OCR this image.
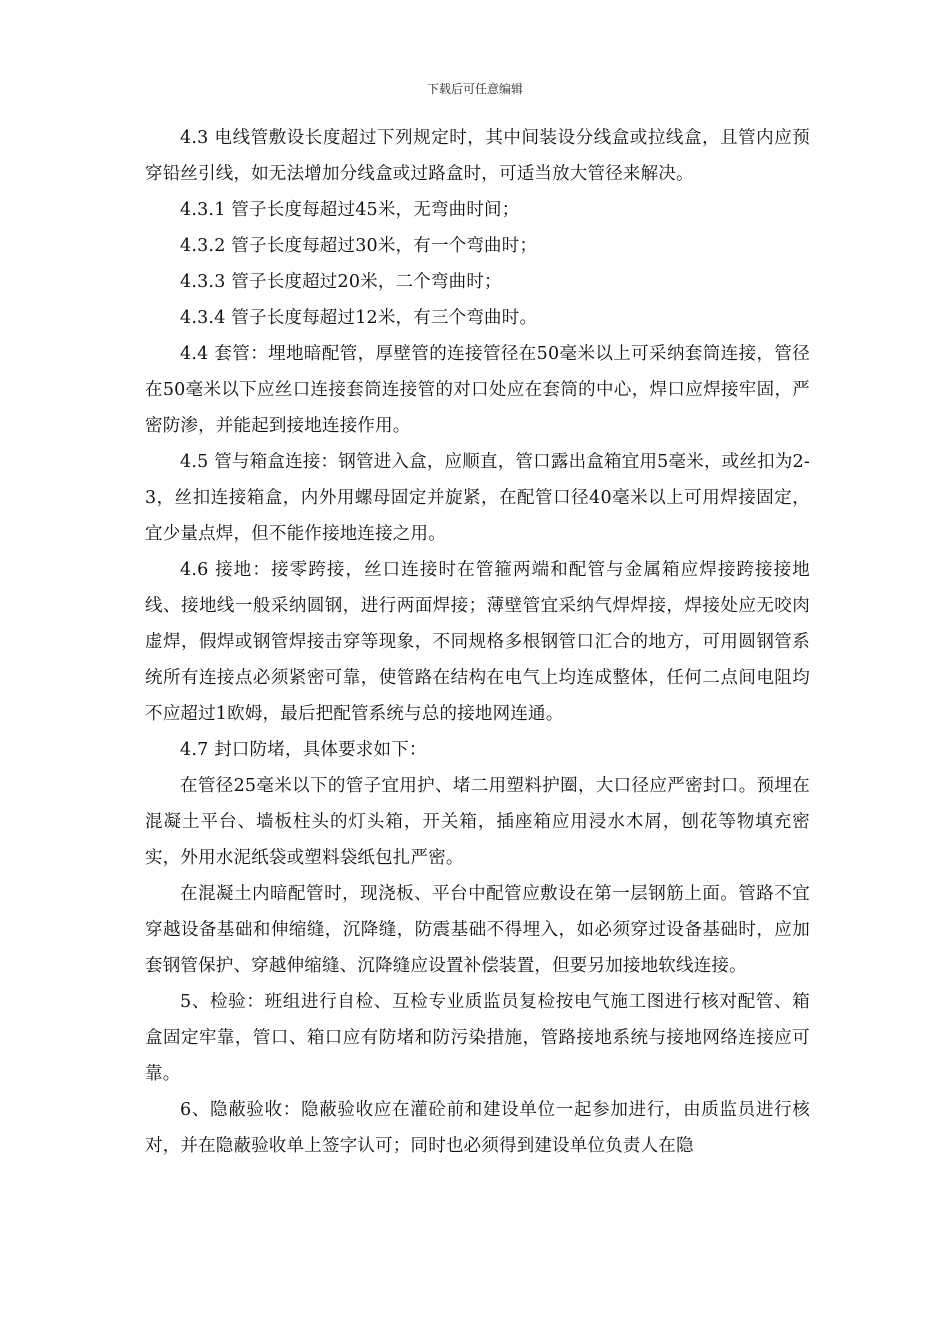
下载后可任意编辑

4.3 电线管敷设长度超过下列规定时，其中间装设分线盒或拉线盒，且管内应预穿铅丝引线，如无法增加分线盒或过路盒时，可适当放大管径来解决。

4.3.1 管子长度每超过45米，无弯曲时间；

4.3.2 管子长度每超过30米，有一个弯曲时；

4.3.3 管子长度超过20米，二个弯曲时；

4.3.4 管子长度每超过12米，有三个弯曲时。

4.4 套管：埋地暗配管，厚壁管的连接管径在50毫米以上可采纳套筒连接，管径在50毫米以下应丝口连接套筒连接管的对口处应在套筒的中心，焊口应焊接牢固，严密防渗，并能起到接地连接作用。

4.5 管与箱盒连接：钢管进入盒，应顺直，管口露出盒箱宜用5毫米，或丝扣为2-3，丝扣连接箱盒，内外用螺母固定并旋紧，在配管口径40毫米以上可用焊接固定，宜少量点焊，但不能作接地连接之用。

4.6 接地：接零跨接，丝口连接时在管箍两端和配管与金属箱应焊接跨接接地线、接地线一般采纳圆钢，进行两面焊接；薄壁管宜采纳气焊焊接，焊接处应无咬肉虚焊，假焊或钢管焊接击穿等现象，不同规格多根钢管口汇合的地方，可用圆钢管系统所有连接点必须紧密可靠，使管路在结构在电气上均连成整体，任何二点间电阻均不应超过1欧姆，最后把配管系统与总的接地网连通。

4.7 封口防堵，具体要求如下：

在管径25毫米以下的管子宜用护、堵二用塑料护圈，大口径应严密封口。预埋在混凝土平台、墙板柱头的灯头箱，开关箱，插座箱应用浸水木屑，刨花等物填充密实，外用水泥纸袋或塑料袋纸包扎严密。

在混凝土内暗配管时，现浇板、平台中配管应敷设在第一层钢筋上面。管路不宜穿越设备基础和伸缩缝，沉降缝，防震基础不得埋入，如必须穿过设备基础时，应加套钢管保护、穿越伸缩缝、沉降缝应设置补偿装置，但要另加接地软线连接。

5、检验：班组进行自检、互检专业质监员复检按电气施工图进行核对配管、箱盒固定牢靠，管口、箱口应有防堵和防污染措施，管路接地系统与接地网络连接应可靠。

6、隐蔽验收：隐蔽验收应在灌砼前和建设单位一起参加进行，由质监员进行核对，并在隐蔽验收单上签字认可；同时也必须得到建设单位负责人在隐
